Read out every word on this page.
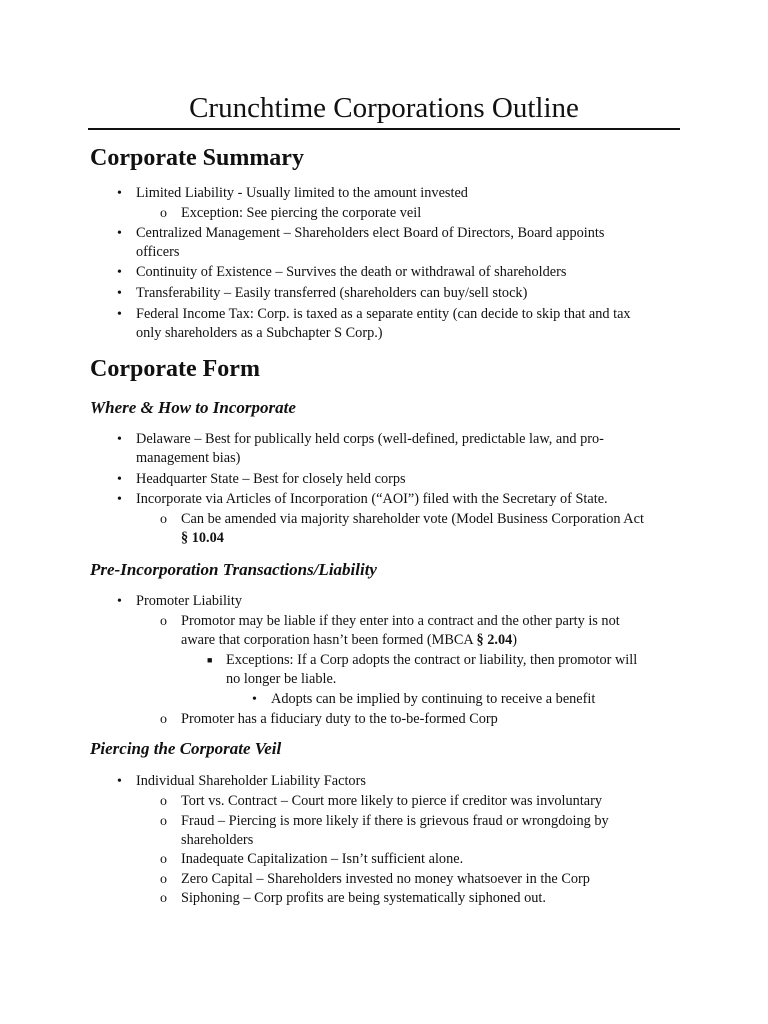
Crunchtime Corporations Outline
Corporate Summary
• Limited Liability - Usually limited to the amount invested
o Exception: See piercing the corporate veil
• Centralized Management – Shareholders elect Board of Directors, Board appoints
officers
• Continuity of Existence – Survives the death or withdrawal of shareholders
• Transferability – Easily transferred (shareholders can buy/sell stock)
• Federal Income Tax: Corp. is taxed as a separate entity (can decide to skip that and tax
only shareholders as a Subchapter S Corp.)
Corporate Form
Where & How to Incorporate
• Delaware – Best for publically held corps (well-defined, predictable law, and pro-
management bias)
• Headquarter State – Best for closely held corps
• Incorporate via Articles of Incorporation (“AOI”) filed with the Secretary of State.
o Can be amended via majority shareholder vote (Model Business Corporation Act
§ 10.04
Pre-Incorporation Transactions/Liability
• Promoter Liability
o Promotor may be liable if they enter into a contract and the other party is not
aware that corporation hasn’t been formed (MBCA § 2.04)
■ Exceptions: If a Corp adopts the contract or liability, then promotor will
no longer be liable.
• Adopts can be implied by continuing to receive a benefit
o Promoter has a fiduciary duty to the to-be-formed Corp
Piercing the Corporate Veil
• Individual Shareholder Liability Factors
o Tort vs. Contract – Court more likely to pierce if creditor was involuntary
o Fraud – Piercing is more likely if there is grievous fraud or wrongdoing by
shareholders
o Inadequate Capitalization – Isn’t sufficient alone.
o Zero Capital – Shareholders invested no money whatsoever in the Corp
o Siphoning – Corp profits are being systematically siphoned out.
